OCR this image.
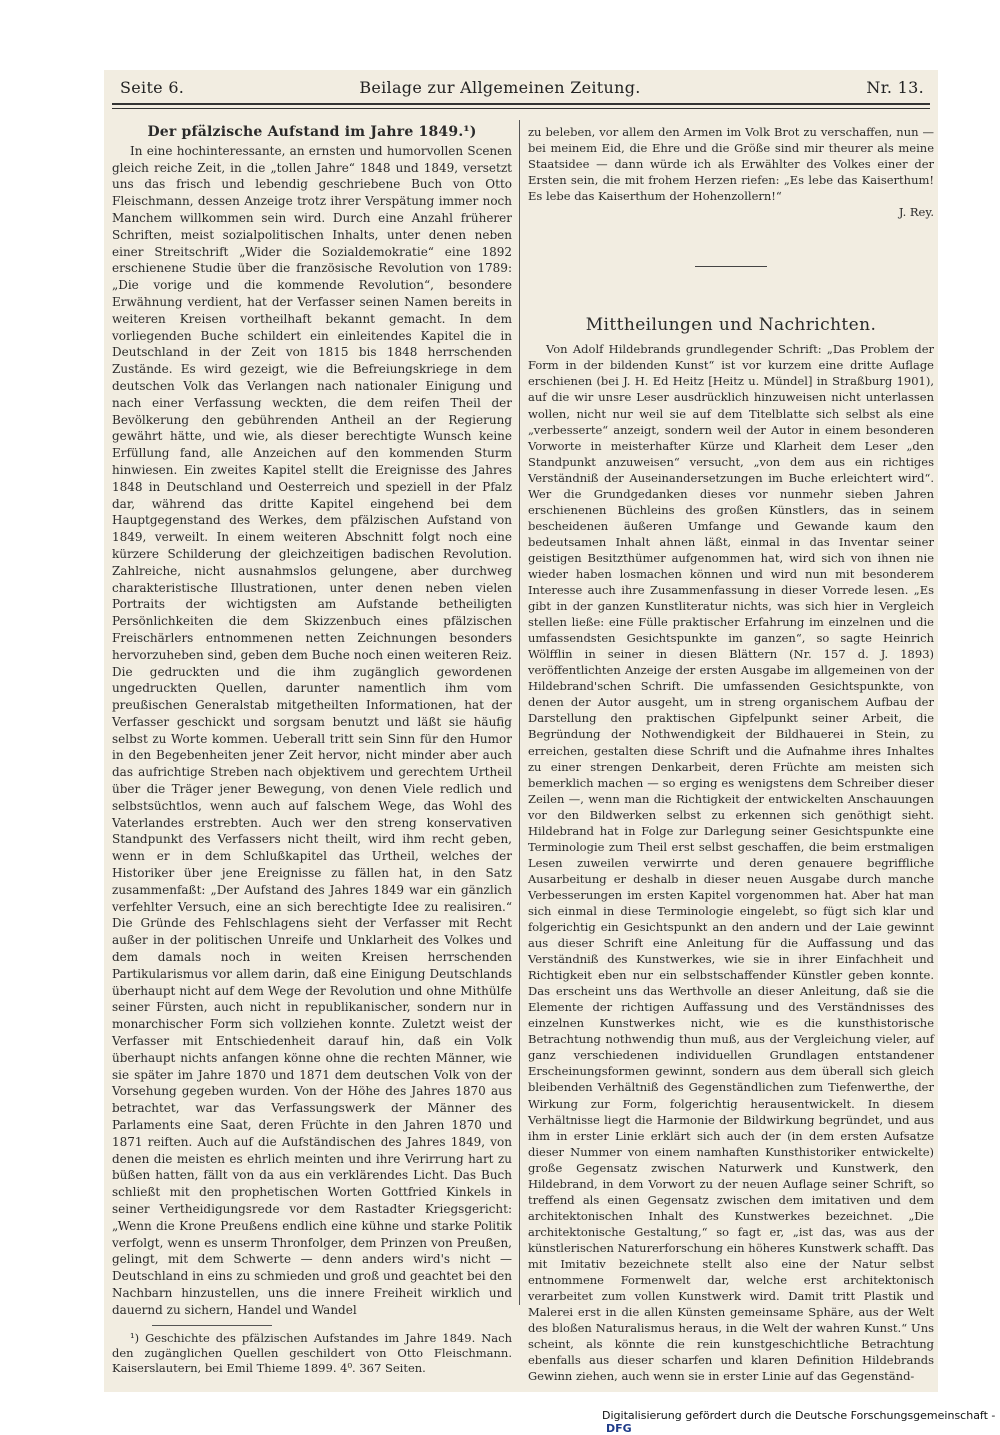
Seite 6.	Beilage zur Allgemeinen Zeitung.	Nr. 13.

Der pfälzische Aufstand im Jahre 1849.¹)

In eine hochinteressante, an ernsten und humorvollen Scenen gleich reiche Zeit, in die „tollen Jahre“ 1848 und 1849, versetzt uns das frisch und lebendig geschriebene Buch von Otto Fleischmann, dessen Anzeige trotz ihrer Verspätung immer noch Manchem willkommen sein wird. Durch eine Anzahl früherer Schriften, meist sozialpolitischen Inhalts, unter denen neben einer Streitschrift „Wider die Sozialdemokratie“ eine 1892 erschienene Studie über die französische Revolution von 1789: „Die vorige und die kommende Revolution“, besondere Erwähnung verdient, hat der Verfasser seinen Namen bereits in weiteren Kreisen vortheilhaft bekannt gemacht. In dem vorliegenden Buche schildert ein einleitendes Kapitel die in Deutschland in der Zeit von 1815 bis 1848 herrschenden Zustände. Es wird gezeigt, wie die Befreiungskriege in dem deutschen Volk das Verlangen nach nationaler Einigung und nach einer Verfassung weckten, die dem reifen Theil der Bevölkerung den gebührenden Antheil an der Regierung gewährt hätte, und wie, als dieser berechtigte Wunsch keine Erfüllung fand, alle Anzeichen auf den kommenden Sturm hinwiesen. Ein zweites Kapitel stellt die Ereignisse des Jahres 1848 in Deutschland und Oesterreich und speziell in der Pfalz dar, während das dritte Kapitel eingehend bei dem Hauptgegenstand des Werkes, dem pfälzischen Aufstand von 1849, verweilt. In einem weiteren Abschnitt folgt noch eine kürzere Schilderung der gleichzeitigen badischen Revolution. Zahlreiche, nicht ausnahmslos gelungene, aber durchweg charakteristische Illustrationen, unter denen neben vielen Portraits der wichtigsten am Aufstande betheiligten Persönlichkeiten die dem Skizzenbuch eines pfälzischen Freischärlers entnommenen netten Zeichnungen besonders hervorzuheben sind, geben dem Buche noch einen weiteren Reiz. Die gedruckten und die ihm zugänglich gewordenen ungedruckten Quellen, darunter namentlich ihm vom preußischen Generalstab mitgetheilten Informationen, hat der Verfasser geschickt und sorgsam benutzt und läßt sie häufig selbst zu Worte kommen. Ueberall tritt sein Sinn für den Humor in den Begebenheiten jener Zeit hervor, nicht minder aber auch das aufrichtige Streben nach objektivem und gerechtem Urtheil über die Träger jener Bewegung, von denen Viele redlich und selbstsüchtlos, wenn auch auf falschem Wege, das Wohl des Vaterlandes erstrebten. Auch wer den streng konservativen Standpunkt des Verfassers nicht theilt, wird ihm recht geben, wenn er in dem Schlußkapitel das Urtheil, welches der Historiker über jene Ereignisse zu fällen hat, in den Satz zusammenfaßt: „Der Aufstand des Jahres 1849 war ein gänzlich verfehlter Versuch, eine an sich berechtigte Idee zu realisiren.“ Die Gründe des Fehlschlagens sieht der Verfasser mit Recht außer in der politischen Unreife und Unklarheit des Volkes und dem damals noch in weiten Kreisen herrschenden Partikularismus vor allem darin, daß eine Einigung Deutschlands überhaupt nicht auf dem Wege der Revolution und ohne Mithülfe seiner Fürsten, auch nicht in republikanischer, sondern nur in monarchischer Form sich vollziehen konnte. Zuletzt weist der Verfasser mit Entschiedenheit darauf hin, daß ein Volk überhaupt nichts anfangen könne ohne die rechten Männer, wie sie später im Jahre 1870 und 1871 dem deutschen Volk von der Vorsehung gegeben wurden. Von der Höhe des Jahres 1870 aus betrachtet, war das Verfassungswerk der Männer des Parlaments eine Saat, deren Früchte in den Jahren 1870 und 1871 reiften. Auch auf die Aufständischen des Jahres 1849, von denen die meisten es ehrlich meinten und ihre Verirrung hart zu büßen hatten, fällt von da aus ein verklärendes Licht. Das Buch schließt mit den prophetischen Worten Gottfried Kinkels in seiner Vertheidigungsrede vor dem Rastadter Kriegsgericht: „Wenn die Krone Preußens endlich eine kühne und starke Politik verfolgt, wenn es unserm Thronfolger, dem Prinzen von Preußen, gelingt, mit dem Schwerte — denn anders wird's nicht — Deutschland in eins zu schmieden und groß und geachtet bei den Nachbarn hinzustellen, uns die innere Freiheit wirklich und dauernd zu sichern, Handel und Wandel

¹) Geschichte des pfälzischen Aufstandes im Jahre 1849. Nach den zugänglichen Quellen geschildert von Otto Fleischmann. Kaiserslautern, bei Emil Thieme 1899. 4⁰. 367 Seiten.

zu beleben, vor allem den Armen im Volk Brot zu verschaffen, nun — bei meinem Eid, die Ehre und die Größe sind mir theurer als meine Staatsidee — dann würde ich als Erwählter des Volkes einer der Ersten sein, die mit frohem Herzen riefen: „Es lebe das Kaiserthum! Es lebe das Kaiserthum der Hohenzollern!“

J. Rey.

Mittheilungen und Nachrichten.

Von Adolf Hildebrands grundlegender Schrift: „Das Problem der Form in der bildenden Kunst“ ist vor kurzem eine dritte Auflage erschienen (bei J. H. Ed Heitz [Heitz u. Mündel] in Straßburg 1901), auf die wir unsre Leser ausdrücklich hinzuweisen nicht unterlassen wollen, nicht nur weil sie auf dem Titelblatte sich selbst als eine „verbesserte“ anzeigt, sondern weil der Autor in einem besonderen Vorworte in meisterhafter Kürze und Klarheit dem Leser „den Standpunkt anzuweisen“ versucht, „von dem aus ein richtiges Verständniß der Auseinandersetzungen im Buche erleichtert wird“. Wer die Grundgedanken dieses vor nunmehr sieben Jahren erschienenen Büchleins des großen Künstlers, das in seinem bescheidenen äußeren Umfange und Gewande kaum den bedeutsamen Inhalt ahnen läßt, einmal in das Inventar seiner geistigen Besitzthümer aufgenommen hat, wird sich von ihnen nie wieder haben losmachen können und wird nun mit besonderem Interesse auch ihre Zusammenfassung in dieser Vorrede lesen. „Es gibt in der ganzen Kunstliteratur nichts, was sich hier in Vergleich stellen ließe: eine Fülle praktischer Erfahrung im einzelnen und die umfassendsten Gesichtspunkte im ganzen“, so sagte Heinrich Wölfflin in seiner in diesen Blättern (Nr. 157 d. J. 1893) veröffentlichten Anzeige der ersten Ausgabe im allgemeinen von der Hildebrand'schen Schrift. Die umfassenden Gesichtspunkte, von denen der Autor ausgeht, um in streng organischem Aufbau der Darstellung den praktischen Gipfelpunkt seiner Arbeit, die Begründung der Nothwendigkeit der Bildhauerei in Stein, zu erreichen, gestalten diese Schrift und die Aufnahme ihres Inhaltes zu einer strengen Denkarbeit, deren Früchte am meisten sich bemerklich machen — so erging es wenigstens dem Schreiber dieser Zeilen —, wenn man die Richtigkeit der entwickelten Anschauungen vor den Bildwerken selbst zu erkennen sich genöthigt sieht. Hildebrand hat in Folge zur Darlegung seiner Gesichtspunkte eine Terminologie zum Theil erst selbst geschaffen, die beim erstmaligen Lesen zuweilen verwirrte und deren genauere begriffliche Ausarbeitung er deshalb in dieser neuen Ausgabe durch manche Verbesserungen im ersten Kapitel vorgenommen hat. Aber hat man sich einmal in diese Terminologie eingelebt, so fügt sich klar und folgerichtig ein Gesichtspunkt an den andern und der Laie gewinnt aus dieser Schrift eine Anleitung für die Auffassung und das Verständniß des Kunstwerkes, wie sie in ihrer Einfachheit und Richtigkeit eben nur ein selbstschaffender Künstler geben konnte. Das erscheint uns das Werthvolle an dieser Anleitung, daß sie die Elemente der richtigen Auffassung und des Verständnisses des einzelnen Kunstwerkes nicht, wie es die kunsthistorische Betrachtung nothwendig thun muß, aus der Vergleichung vieler, auf ganz verschiedenen individuellen Grundlagen entstandener Erscheinungsformen gewinnt, sondern aus dem überall sich gleich bleibenden Verhältniß des Gegenständlichen zum Tiefenwerthe, der Wirkung zur Form, folgerichtig herausentwickelt. In diesem Verhältnisse liegt die Harmonie der Bildwirkung begründet, und aus ihm in erster Linie erklärt sich auch der (in dem ersten Aufsatze dieser Nummer von einem namhaften Kunsthistoriker entwickelte) große Gegensatz zwischen Naturwerk und Kunstwerk, den Hildebrand, in dem Vorwort zu der neuen Auflage seiner Schrift, so treffend als einen Gegensatz zwischen dem imitativen und dem architektonischen Inhalt des Kunstwerkes bezeichnet. „Die architektonische Gestaltung,“ so fagt er, „ist das, was aus der künstlerischen Naturerforschung ein höheres Kunstwerk schafft. Das mit Imitativ bezeichnete stellt also eine der Natur selbst entnommene Formenwelt dar, welche erst architektonisch verarbeitet zum vollen Kunstwerk wird. Damit tritt Plastik und Malerei erst in die allen Künsten gemeinsame Sphäre, aus der Welt des bloßen Naturalismus heraus, in die Welt der wahren Kunst.“ Uns scheint, als könnte die rein kunstgeschichtliche Betrachtung ebenfalls aus dieser scharfen und klaren Definition Hildebrands Gewinn ziehen, auch wenn sie in erster Linie auf das Gegenständ-

Digitalisierung gefördert durch die Deutsche Forschungsgemeinschaft -DFG
